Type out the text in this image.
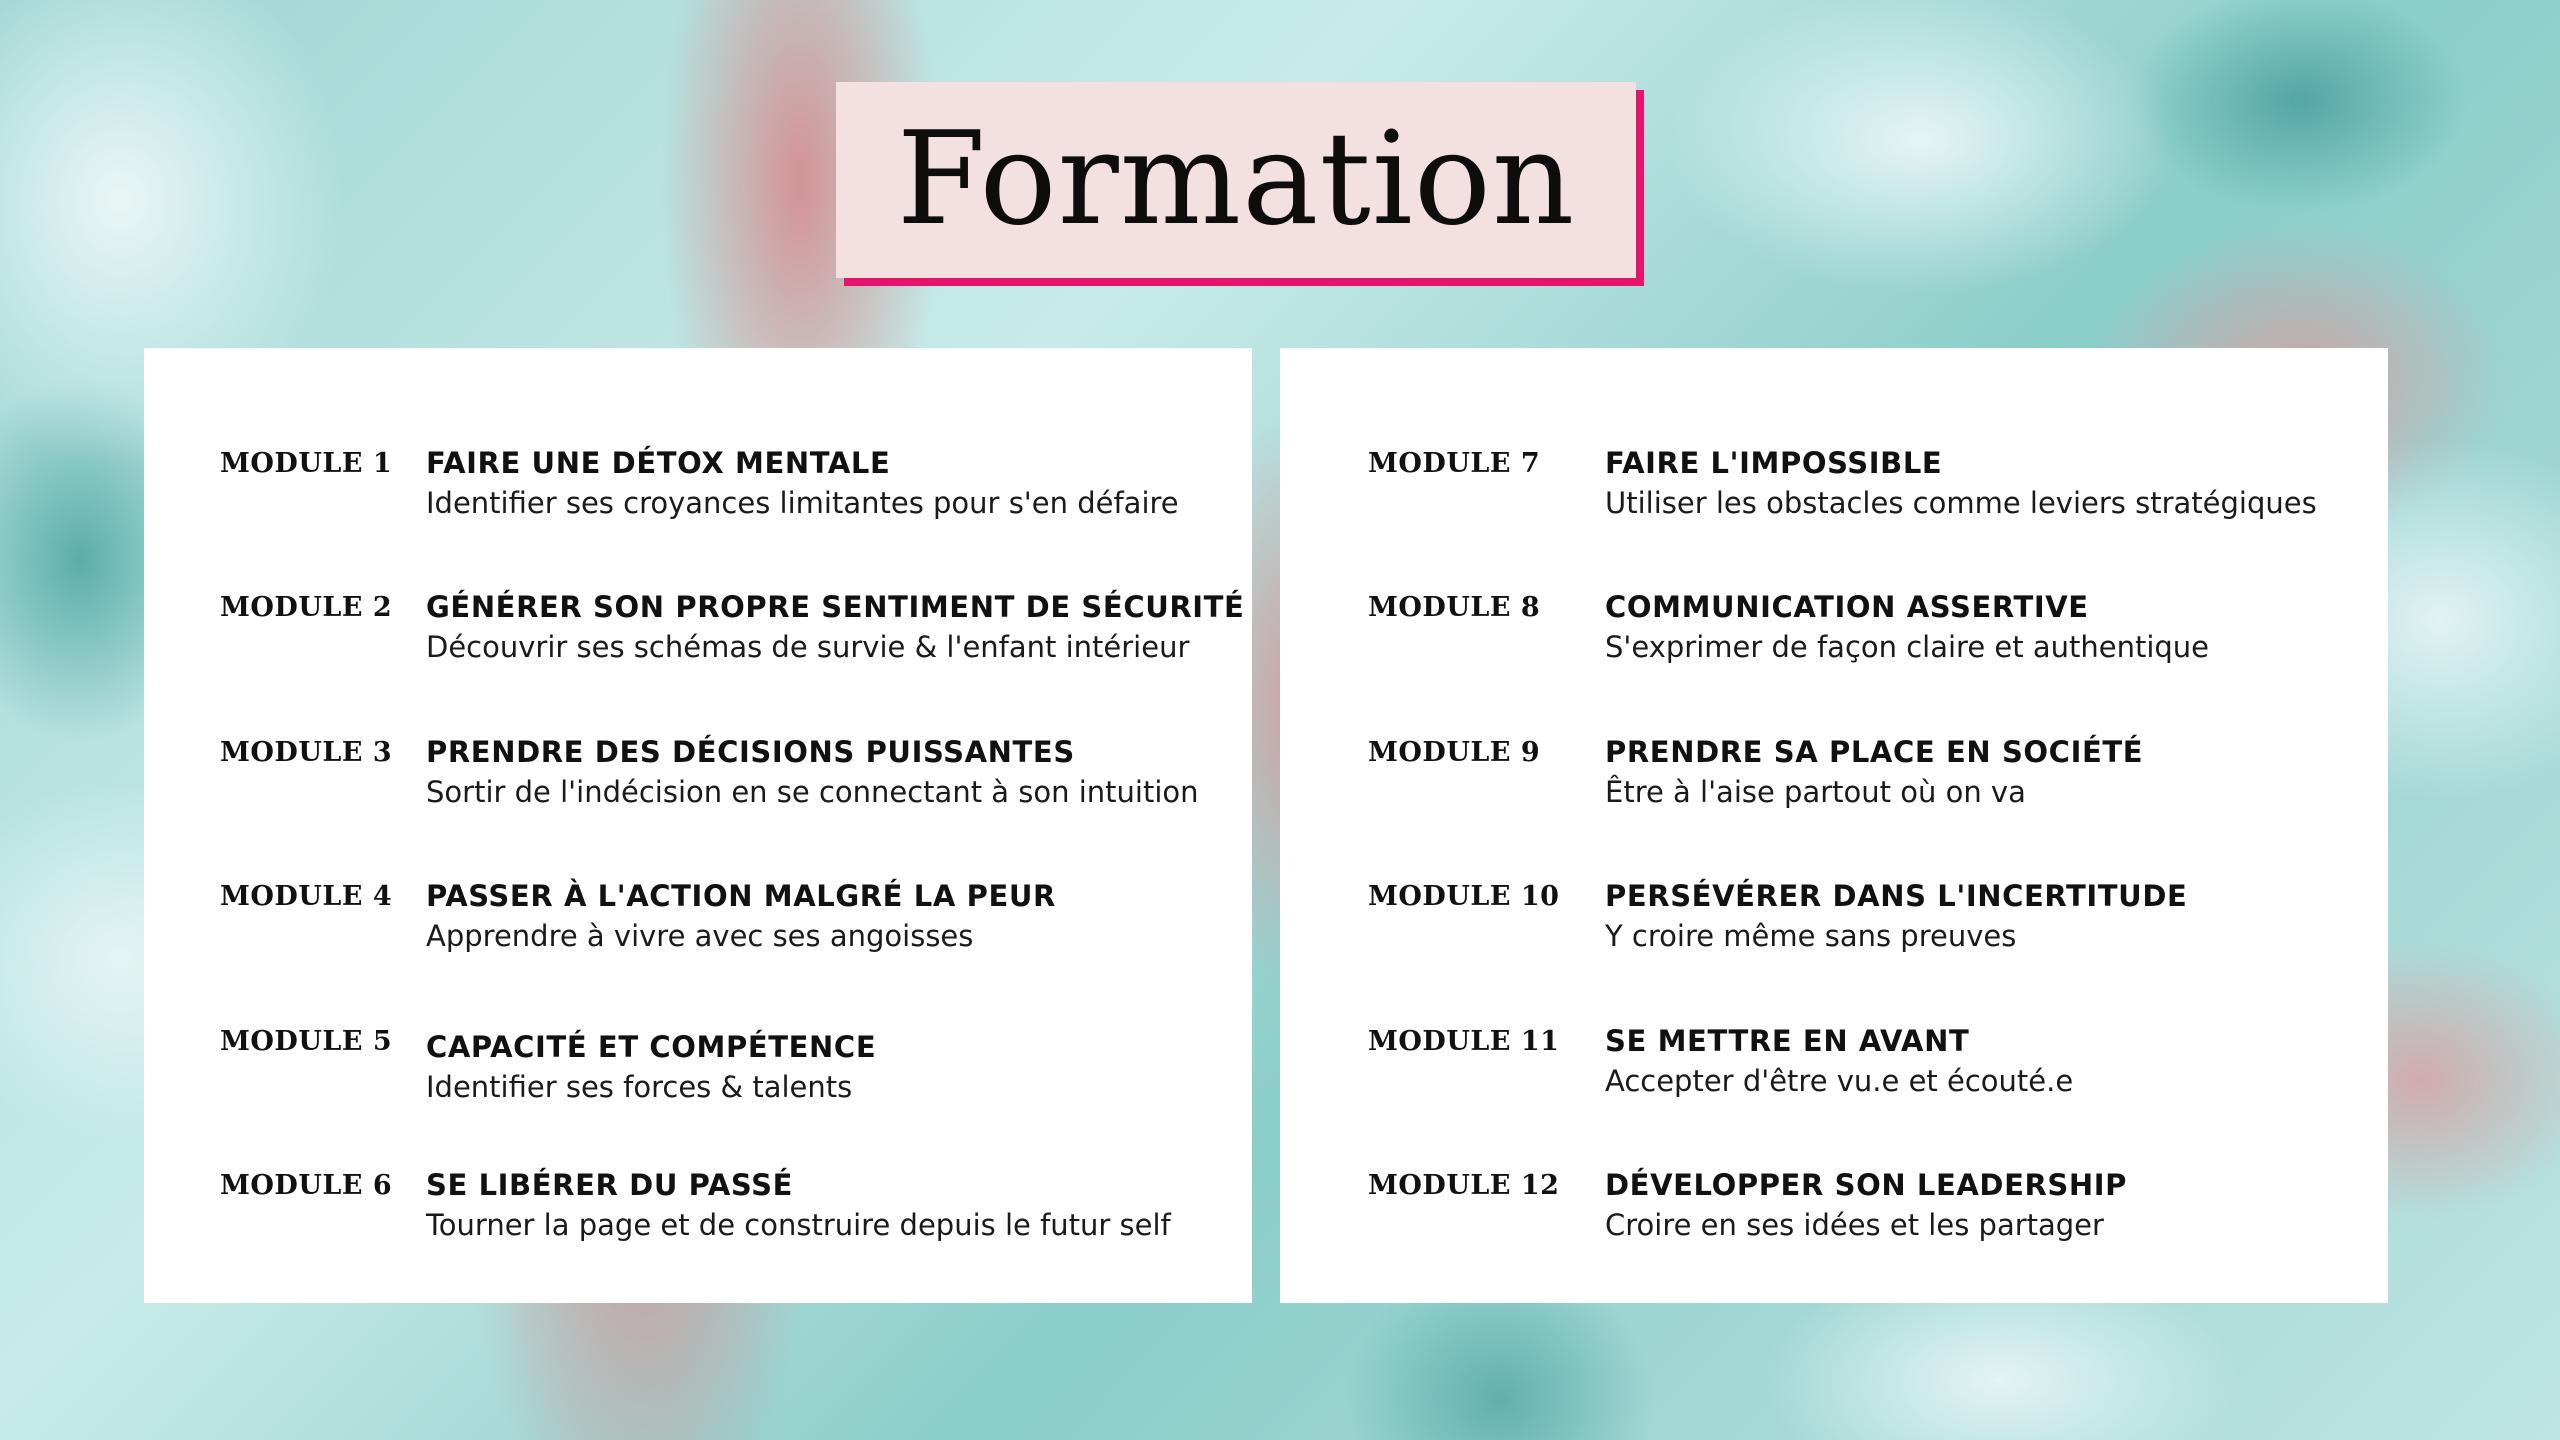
Formation
MODULE 1 FAIRE UNE DÉTOX MENTALE
Identifier ses croyances limitantes pour s'en défaire
MODULE 2 GÉNÉRER SON PROPRE SENTIMENT DE SÉCURITÉ
Découvrir ses schémas de survie & l'enfant intérieur
MODULE 3 PRENDRE DES DÉCISIONS PUISSANTES
Sortir de l'indécision en se connectant à son intuition
MODULE 4 PASSER À L'ACTION MALGRÉ LA PEUR
Apprendre à vivre avec ses angoisses
MODULE 5 CAPACITÉ ET COMPÉTENCE
Identifier ses forces & talents
MODULE 6 SE LIBÉRER DU PASSÉ
Tourner la page et de construire depuis le futur self
MODULE 7 FAIRE L'IMPOSSIBLE
Utiliser les obstacles comme leviers stratégiques
MODULE 8 COMMUNICATION ASSERTIVE
S'exprimer de façon claire et authentique
MODULE 9 PRENDRE SA PLACE EN SOCIÉTÉ
Être à l'aise partout où on va
MODULE 10 PERSÉVÉRER DANS L'INCERTITUDE
Y croire même sans preuves
MODULE 11 SE METTRE EN AVANT
Accepter d'être vu.e et écouté.e
MODULE 12 DÉVELOPPER SON LEADERSHIP
Croire en ses idées et les partager
